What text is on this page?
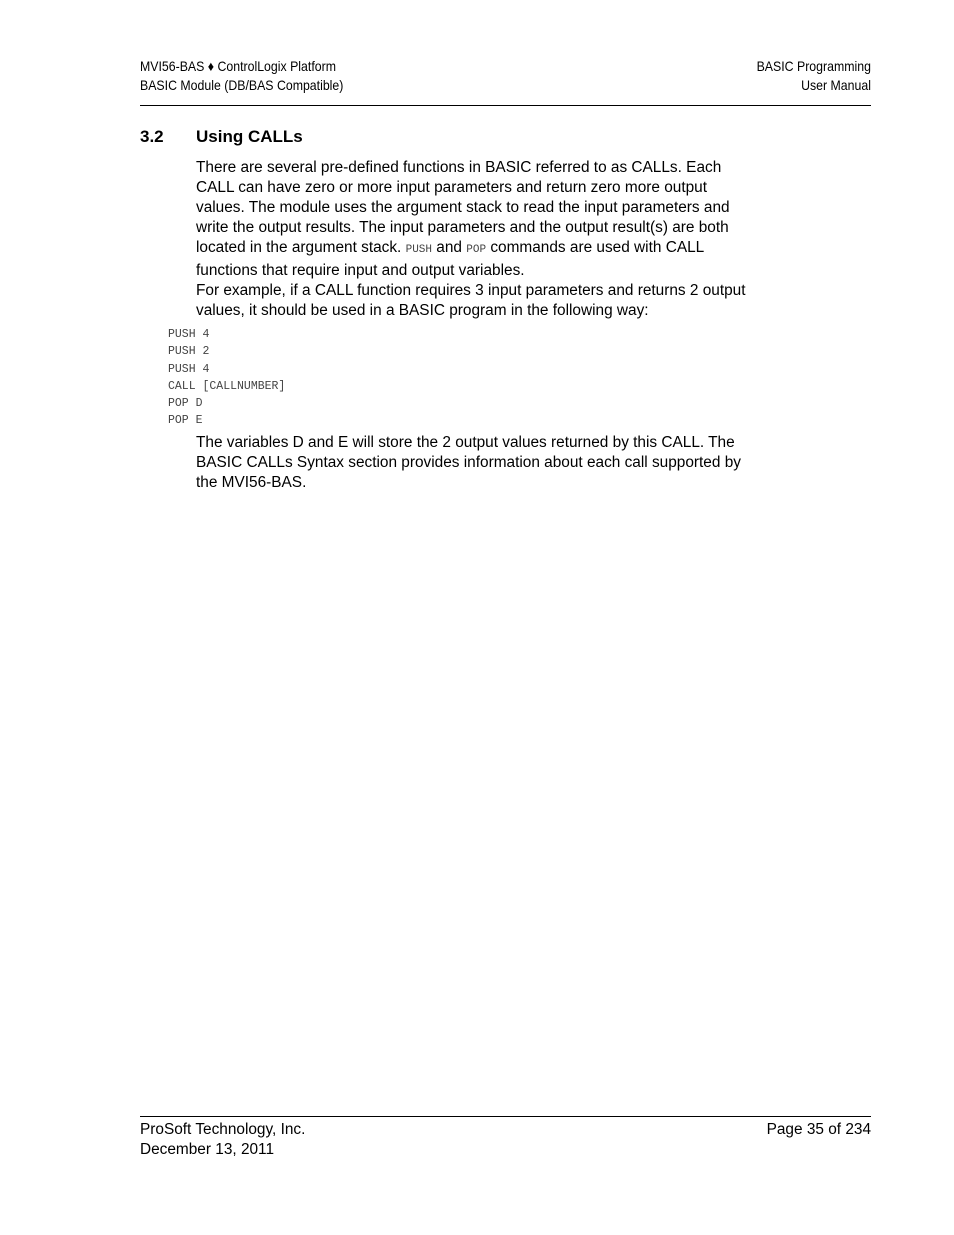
MVI56-BAS ♦ ControlLogix Platform
BASIC Module (DB/BAS Compatible)
BASIC Programming
User Manual
3.2 Using CALLs
There are several pre-defined functions in BASIC referred to as CALLs. Each
CALL can have zero or more input parameters and return zero more output
values. The module uses the argument stack to read the input parameters and
write the output results. The input parameters and the output result(s) are both
located in the argument stack. PUSH and POP commands are used with CALL
functions that require input and output variables.
For example, if a CALL function requires 3 input parameters and returns 2 output
values, it should be used in a BASIC program in the following way:
PUSH 4
PUSH 2
PUSH 4
CALL [CALLNUMBER]
POP D
POP E
The variables D and E will store the 2 output values returned by this CALL. The
BASIC CALLs Syntax section provides information about each call supported by
the MVI56-BAS.
ProSoft Technology, Inc.
December 13, 2011
Page 35 of 234
